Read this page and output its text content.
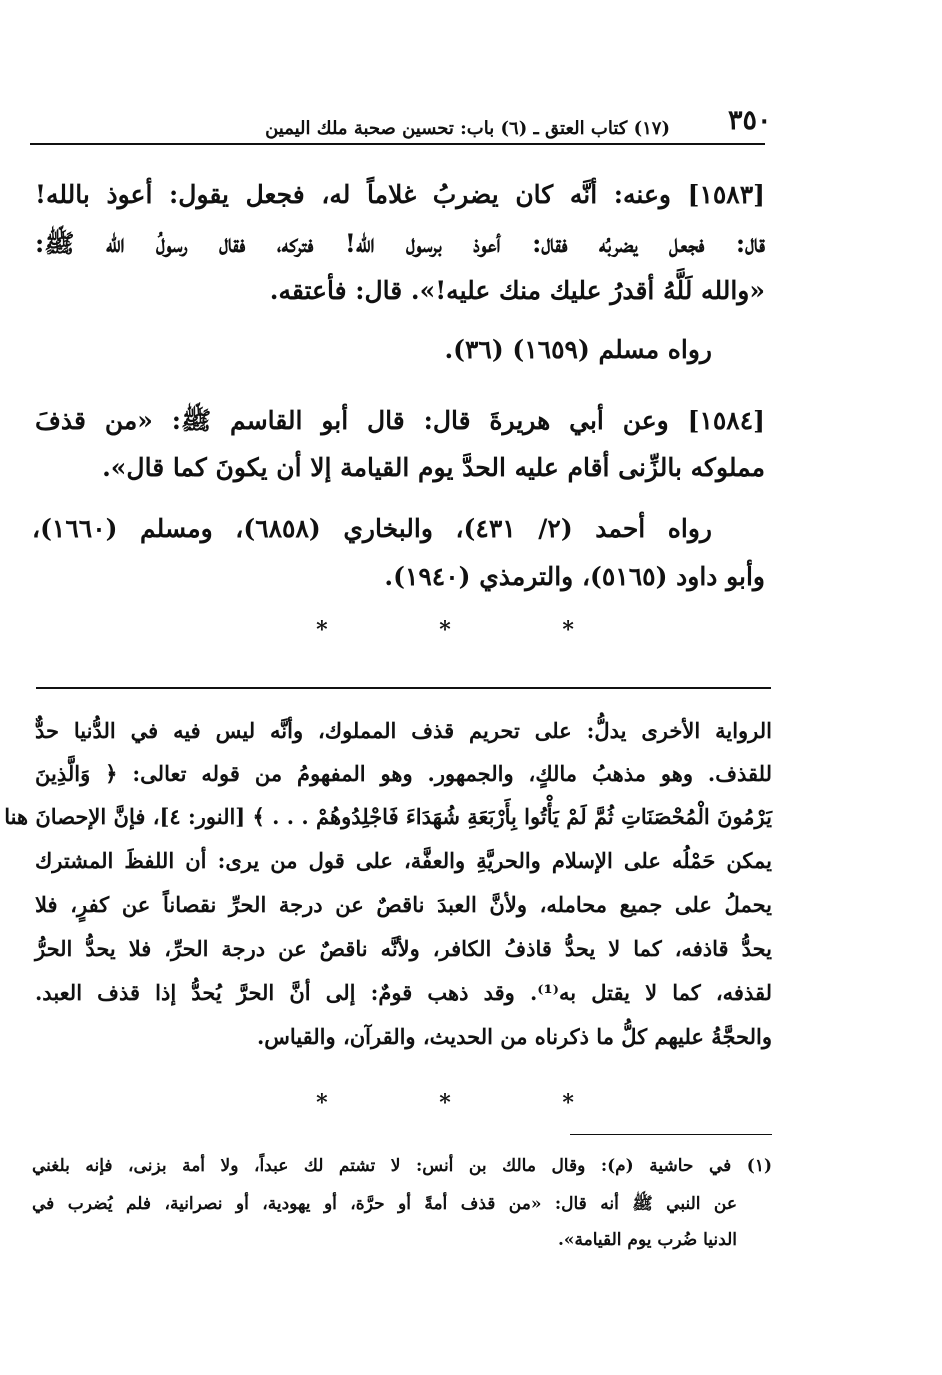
٣٥٠
(١٧) كتاب العتق ـ (٦) باب: تحسين صحبة ملك اليمين
[١٥٨٣] وعنه: أنَّه كان يضربُ غلاماً له، فجعل يقول: أعوذ بالله!
قال: فجعل يضربُه فقال: أعوذ برسول الله! فتركه، فقال رسولُ الله ﷺ:
«والله لَلَّهُ أقدرُ عليك منك عليه!». قال: فأعتقه.
رواه مسلم (١٦٥٩) (٣٦).
[١٥٨٤] وعن أبي هريرةَ قال: قال أبو القاسم ﷺ: «من قذفَ
مملوكه بالزِّنى أقام عليه الحدَّ يوم القيامة إلا أن يكونَ كما قال».
رواه أحمد (٢/ ٤٣١)، والبخاري (٦٨٥٨)، ومسلم (١٦٦٠)،
وأبو داود (٥١٦٥)، والترمذي (١٩٤٠).
* * *
الرواية الأخرى يدلُّ: على تحريم قذف المملوك، وأنَّه ليس فيه في الدُّنيا حدٌّ
للقذف. وهو مذهبُ مالكٍ، والجمهور. وهو المفهومُ من قوله تعالى: ﴿ وَالَّذِينَ
يَرْمُونَ الْمُحْصَنَاتِ ثُمَّ لَمْ يَأْتُوا بِأَرْبَعَةِ شُهَدَاءَ فَاجْلِدُوهُمْ . . . ﴾ [النور: ٤]، فإنَّ الإحصانَ هنا
يمكن حَمْلُه على الإسلام والحريَّةِ والعفَّة، على قول من يرى: أن اللفظَ المشترك
يحملُ على جميع محامله، ولأنَّ العبدَ ناقصٌ عن درجة الحرِّ نقصاناً عن كفرٍ، فلا
يحدُّ قاذفه، كما لا يحدُّ قاذفُ الكافر، ولأنَّه ناقصٌ عن درجة الحرِّ، فلا يحدُّ الحرُّ
لقذفه، كما لا يقتل به⁽¹⁾. وقد ذهب قومٌ: إلى أنَّ الحرَّ يُحدُّ إذا قذف العبد.
والحجَّةُ عليهم كلُّ ما ذكرناه من الحديث، والقرآن، والقياس.
* * *
(١) في حاشية (م): وقال مالك بن أنس: لا تشتم لك عبداً، ولا أمة بزنى، فإنه بلغني
عن النبي ﷺ أنه قال: «من قذف أمةً أو حرَّة، أو يهودية، أو نصرانية، فلم يُضرب في
الدنيا ضُرب يوم القيامة».
